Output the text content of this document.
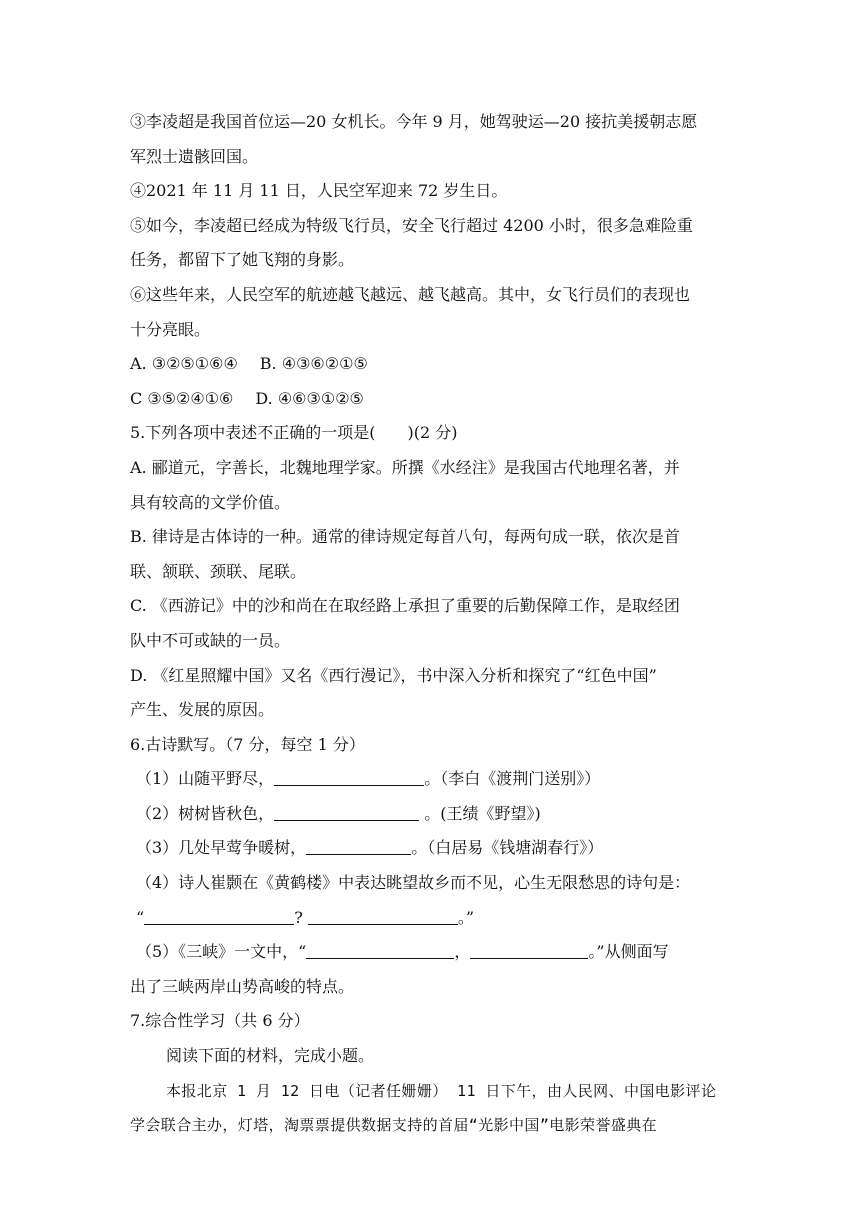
③李凌超是我国首位运—20 女机长。今年 9 月，她驾驶运—20 接抗美援朝志愿
军烈士遗骸回国。
④2021 年 11 月 11 日，人民空军迎来 72 岁生日。
⑤如今，李凌超已经成为特级飞行员，安全飞行超过 4200 小时，很多急难险重
任务，都留下了她飞翔的身影。
⑥这些年来，人民空军的航迹越飞越远、越飞越高。其中，女飞行员们的表现也
十分亮眼。
A. ③②⑤①⑥④ B. ④③⑥②①⑤
C ③⑤②④①⑥ D. ④⑥③①②⑤
5.下列各项中表述不正确的一项是(　　)(2 分)
A. 郦道元，字善长，北魏地理学家。所撰《水经注》是我国古代地理名著，并
具有较高的文学价值。
B. 律诗是古体诗的一种。通常的律诗规定每首八句，每两句成一联，依次是首
联、颔联、颈联、尾联。
C. 《西游记》中的沙和尚在在取经路上承担了重要的后勤保障工作，是取经团
队中不可或缺的一员。
D. 《红星照耀中国》又名《西行漫记》，书中深入分析和探究了“红色中国”
产生、发展的原因。
6.古诗默写。（7 分，每空 1 分）
（1）山随平野尽，	。（李白《渡荆门送别》）
（2）树树皆秋色，	。(王绩《野望》)
（3）几处早莺争暖树，	。（白居易《钱塘湖春行》）
（4）诗人崔颢在《黄鹤楼》中表达眺望故乡而不见，心生无限愁思的诗句是：
“	?	。”
（5）《三峡》一文中，“	，	。”从侧面写
出了三峡两岸山势高峻的特点。
7.综合性学习（共 6 分）
阅读下面的材料，完成小题。
本报北京 1 月 12 日电（记者任姗姗） 11 日下午，由人民网、中国电影评论
学会联合主办，灯塔，淘票票提供数据支持的首届“光影中国”电影荣誉盛典在
